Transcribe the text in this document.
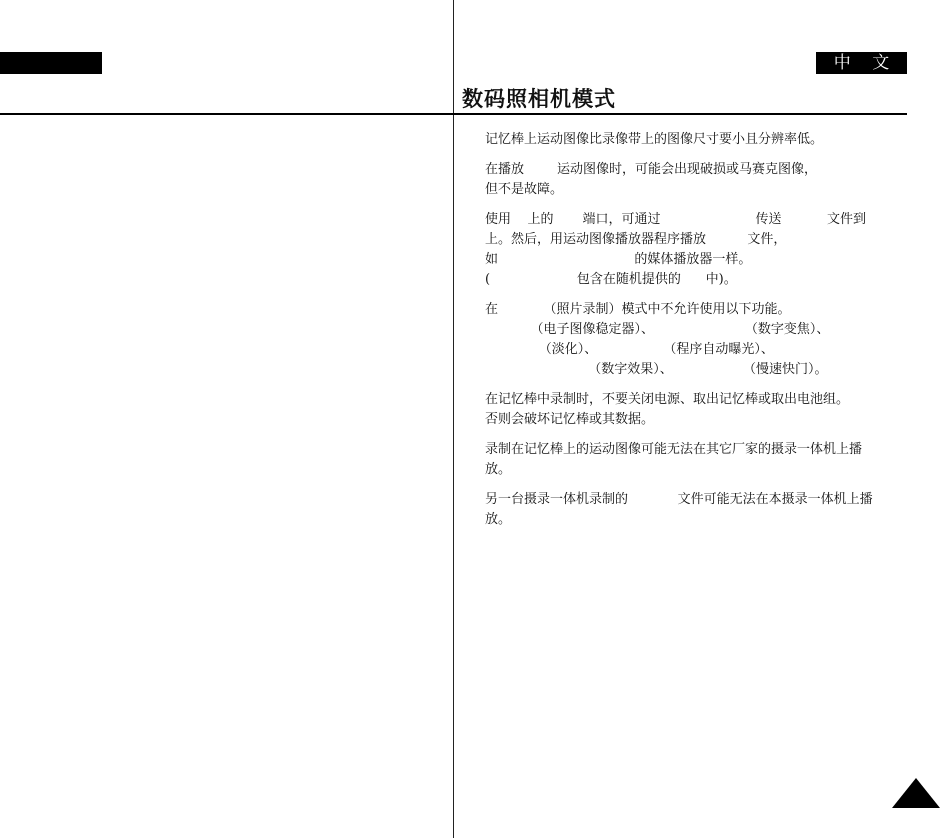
中 文
数码照相机模式
记忆棒上运动图像比录像带上的图像尺寸要小且分辨率低。
在播放        运动图像时，可能会出现破损或马赛克图像，
但不是故障。
使用    上的       端口，可通过                       传送           文件到
上。然后，用运动图像播放器程序播放          文件，
如                                 的媒体播放器一样。
(                     包含在随机提供的      中)。
在           （照片录制）模式中不允许使用以下功能。
（电子图像稳定器）、                      （数字变焦）、
（淡化）、                （程序自动曝光）、
（数字效果）、                 （慢速快门）。
在记忆棒中录制时，不要关闭电源、取出记忆棒或取出电池组。
否则会破坏记忆棒或其数据。
录制在记忆棒上的运动图像可能无法在其它厂家的摄录一体机上播
放。
另一台摄录一体机录制的            文件可能无法在本摄录一体机上播
放。
